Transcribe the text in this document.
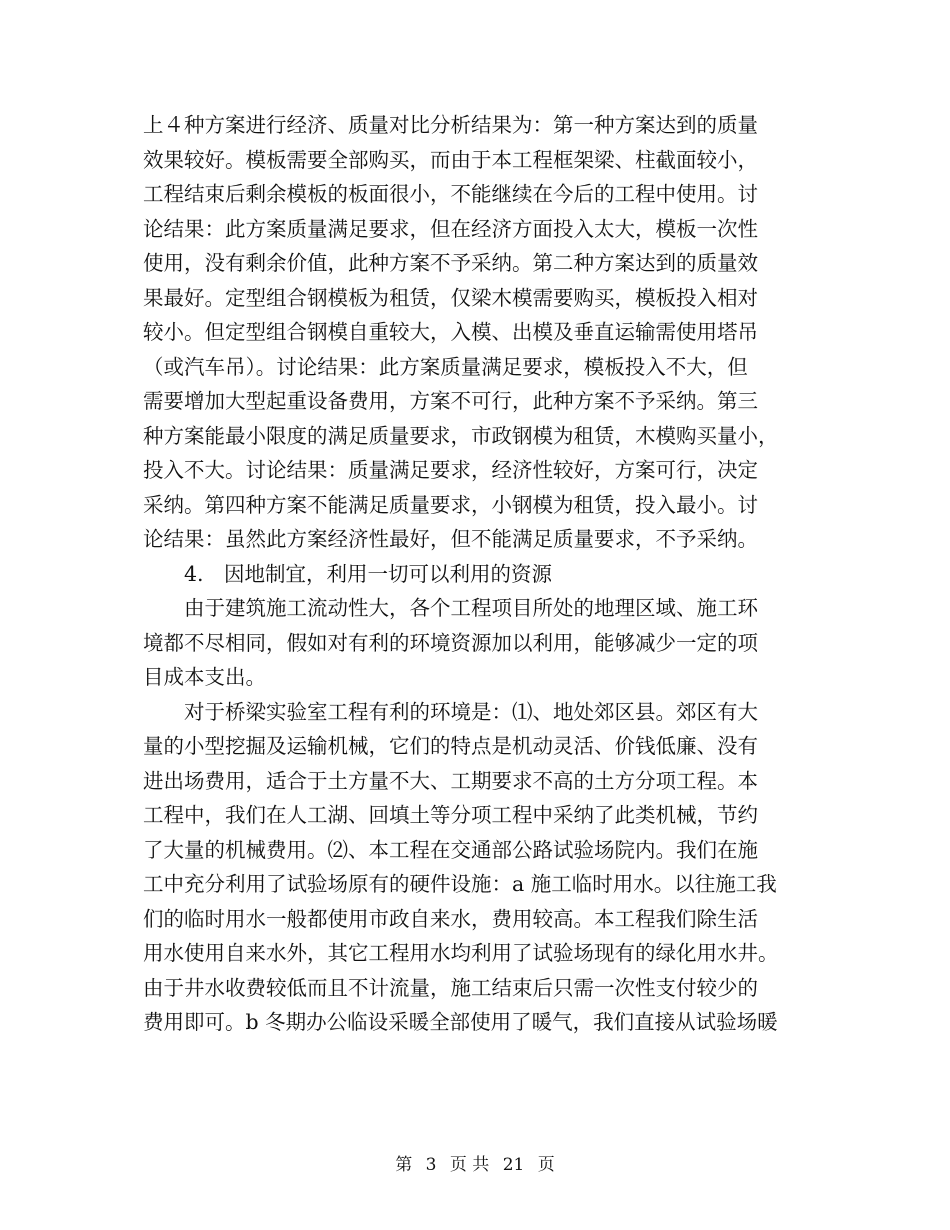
上４种方案进行经济、质量对比分析结果为：第一种方案达到的质量
效果较好。模板需要全部购买，而由于本工程框架梁、柱截面较小，
工程结束后剩余模板的板面很小，不能继续在今后的工程中使用。讨
论结果：此方案质量满足要求，但在经济方面投入太大，模板一次性
使用，没有剩余价值，此种方案不予采纳。第二种方案达到的质量效
果最好。定型组合钢模板为租赁，仅梁木模需要购买，模板投入相对
较小。但定型组合钢模自重较大，入模、出模及垂直运输需使用塔吊
（或汽车吊）。讨论结果：此方案质量满足要求，模板投入不大，但
需要增加大型起重设备费用，方案不可行，此种方案不予采纳。第三
种方案能最小限度的满足质量要求，市政钢模为租赁，木模购买量小，
投入不大。讨论结果：质量满足要求，经济性较好，方案可行，决定
采纳。第四种方案不能满足质量要求，小钢模为租赁，投入最小。讨
论结果：虽然此方案经济性最好，但不能满足质量要求，不予采纳。
4.　因地制宜，利用一切可以利用的资源
由于建筑施工流动性大，各个工程项目所处的地理区域、施工环
境都不尽相同，假如对有利的环境资源加以利用，能够减少一定的项
目成本支出。
对于桥梁实验室工程有利的环境是：⑴、地处郊区县。郊区有大
量的小型挖掘及运输机械，它们的特点是机动灵活、价钱低廉、没有
进出场费用，适合于土方量不大、工期要求不高的土方分项工程。本
工程中，我们在人工湖、回填土等分项工程中采纳了此类机械，节约
了大量的机械费用。⑵、本工程在交通部公路试验场院内。我们在施
工中充分利用了试验场原有的硬件设施：a 施工临时用水。以往施工我
们的临时用水一般都使用市政自来水，费用较高。本工程我们除生活
用水使用自来水外，其它工程用水均利用了试验场现有的绿化用水井。
由于井水收费较低而且不计流量，施工结束后只需一次性支付较少的
费用即可。b 冬期办公临设采暖全部使用了暖气，我们直接从试验场暖
第 3 页 共 21 页
